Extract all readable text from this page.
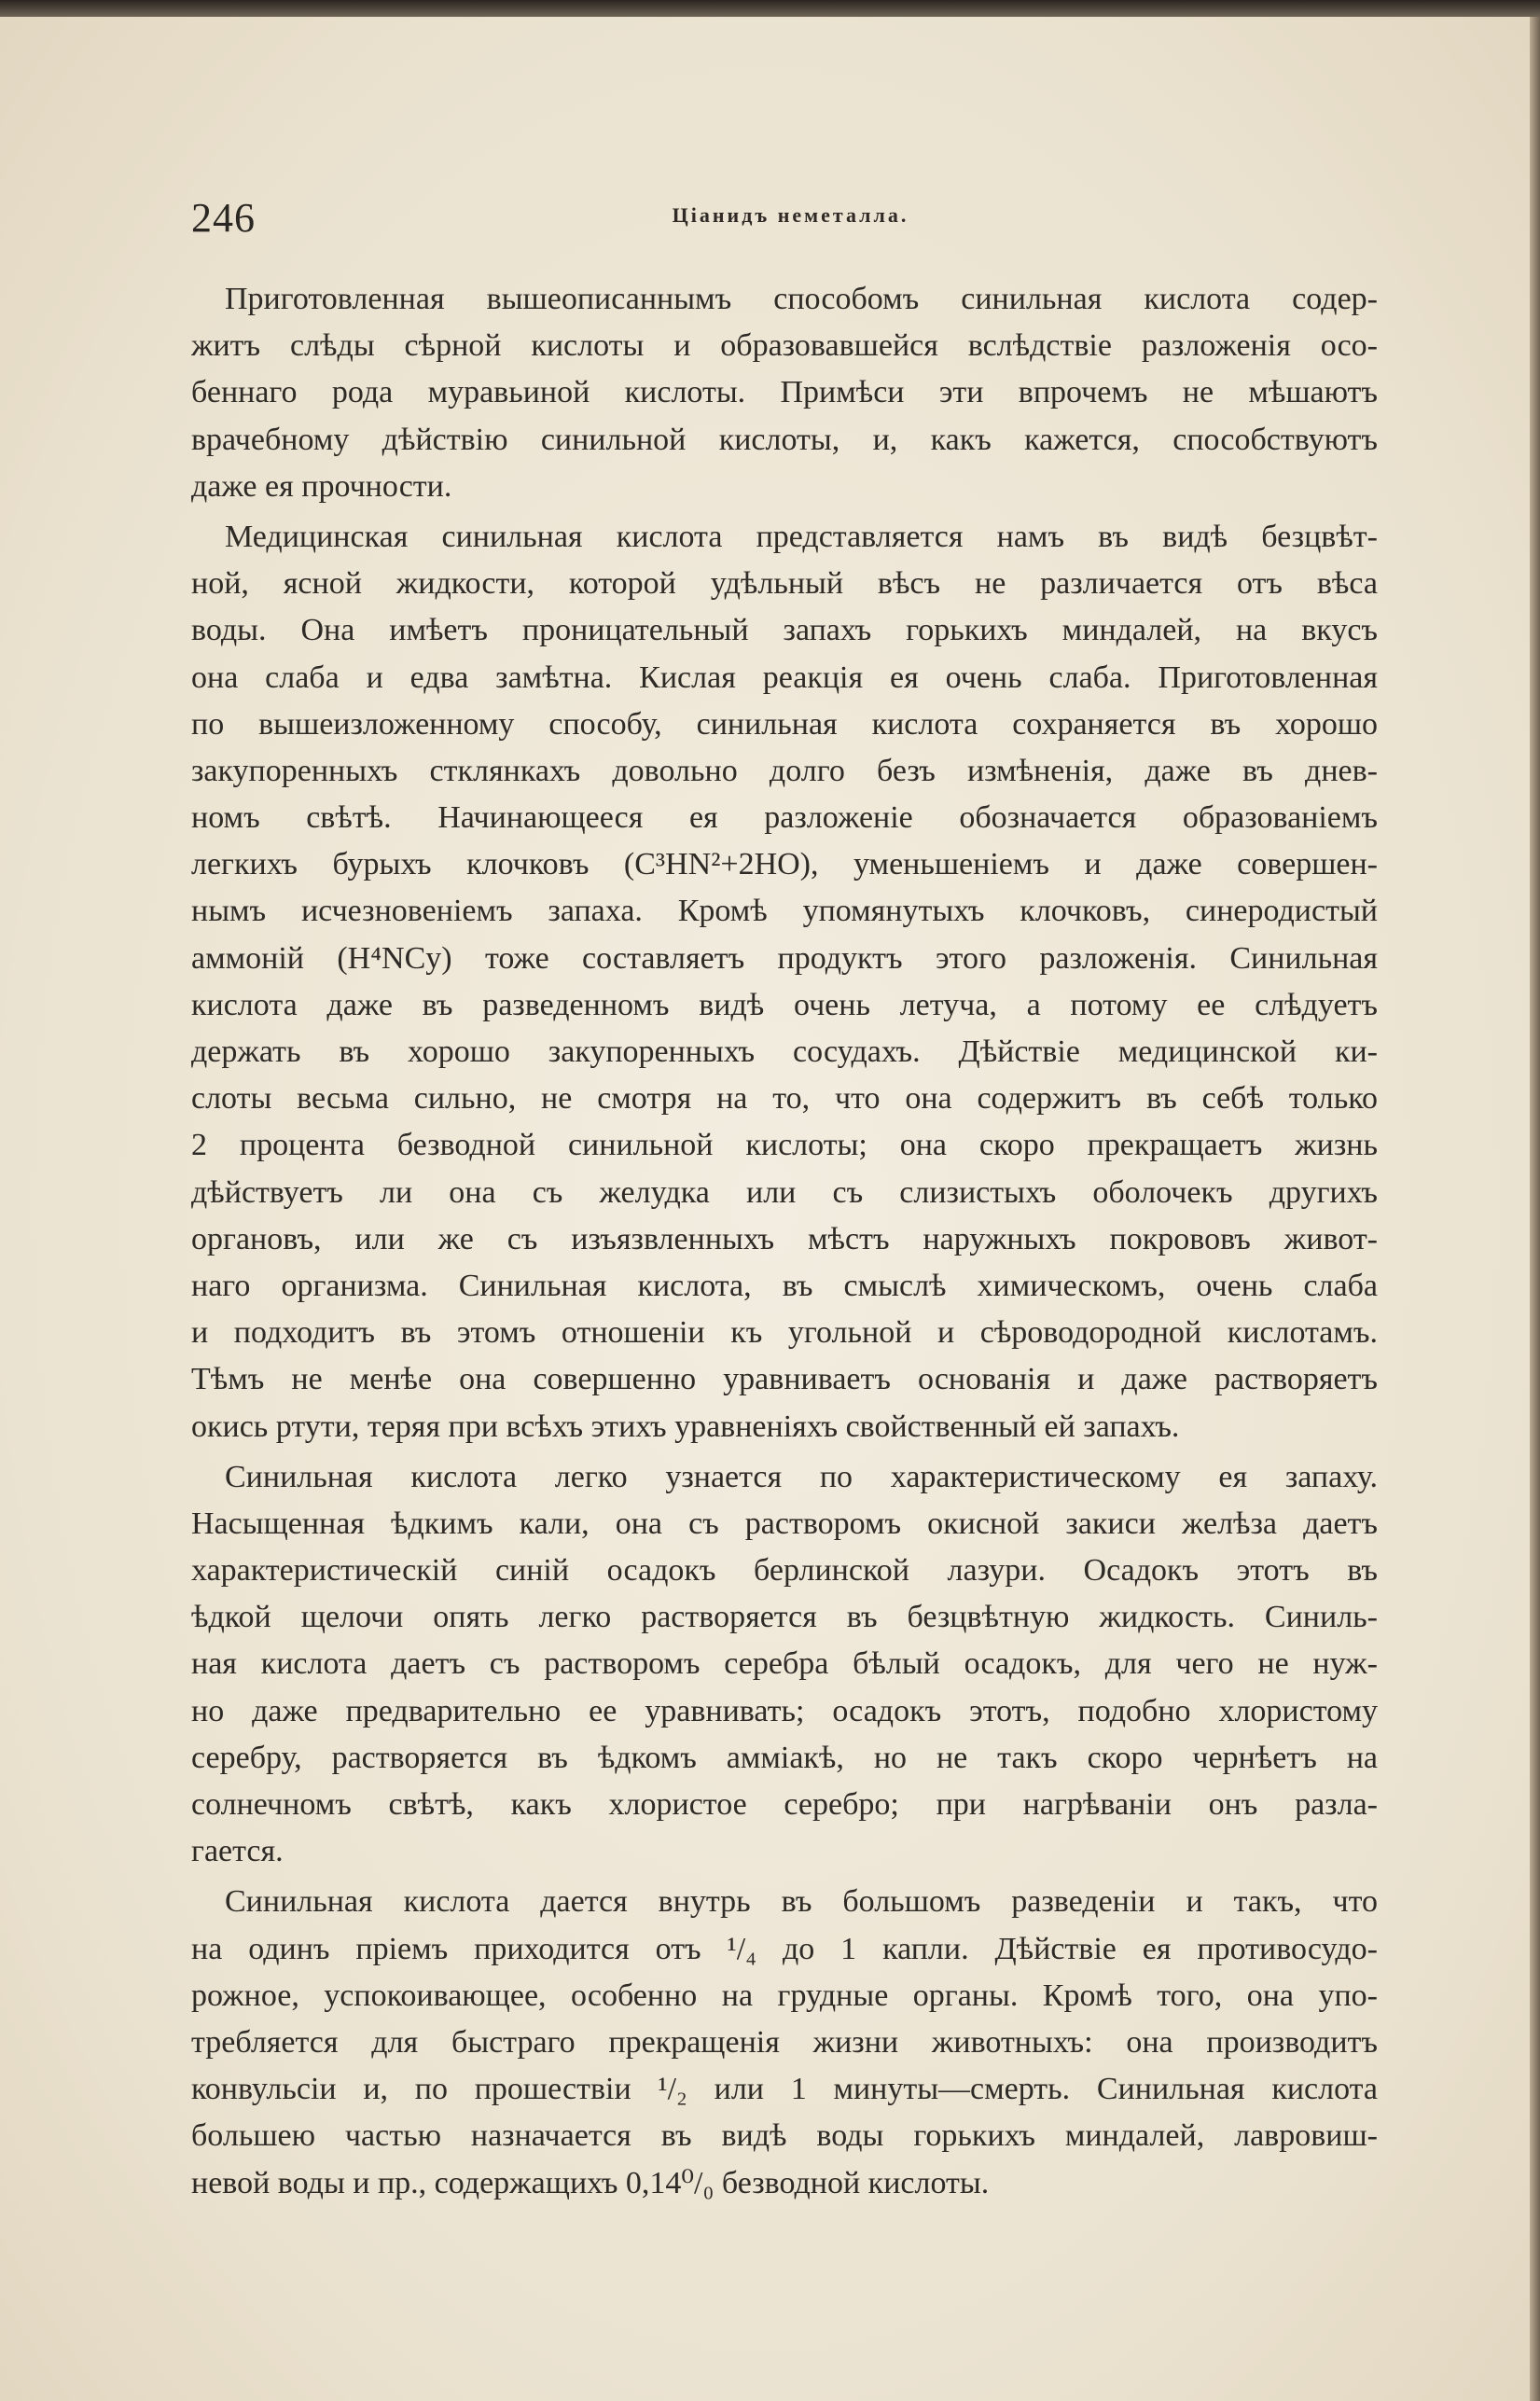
246	Ціанидъ неметалла.
Приготовленная вышеописаннымъ способомъ синильная кислота содер-
житъ слѣды сѣрной кислоты и образовавшейся вслѣдствіе разложенія осо-
беннаго рода муравьиной кислоты. Примѣси эти впрочемъ не мѣшаютъ
врачебному дѣйствію синильной кислоты, и, какъ кажется, способствуютъ
даже ея прочности.
Медицинская синильная кислота представляется намъ въ видѣ безцвѣт-
ной, ясной жидкости, которой удѣльный вѣсъ не различается отъ вѣса
воды. Она имѣетъ проницательный запахъ горькихъ миндалей, на вкусъ
она слаба и едва замѣтна. Кислая реакція ея очень слаба. Приготовленная
по вышеизложенному способу, синильная кислота сохраняется въ хорошо
закупоренныхъ стклянкахъ довольно долго безъ измѣненія, даже въ днев-
номъ свѣтѣ. Начинающееся ея разложеніе обозначается образованіемъ
легкихъ бурыхъ клочковъ (C³HN²+2HO), уменьшеніемъ и даже совершен-
нымъ исчезновеніемъ запаха. Кромѣ упомянутыхъ клочковъ, синеродистый
аммоній (H⁴NCy) тоже составляетъ продуктъ этого разложенія. Синильная
кислота даже въ разведенномъ видѣ очень летуча, а потому ее слѣдуетъ
держать въ хорошо закупоренныхъ сосудахъ. Дѣйствіе медицинской ки-
слоты весьма сильно, не смотря на то, что она содержитъ въ себѣ только
2 процента безводной синильной кислоты; она скоро прекращаетъ жизнь
дѣйствуетъ ли она съ желудка или съ слизистыхъ оболочекъ другихъ
органовъ, или же съ изъязвленныхъ мѣстъ наружныхъ покрововъ живот-
наго организма. Синильная кислота, въ смыслѣ химическомъ, очень слаба
и подходитъ въ этомъ отношеніи къ угольной и сѣроводородной кислотамъ.
Тѣмъ не менѣе она совершенно уравниваетъ основанія и даже растворяетъ
окись ртути, теряя при всѣхъ этихъ уравненіяхъ свойственный ей запахъ.
Синильная кислота легко узнается по характеристическому ея запаху.
Насыщенная ѣдкимъ кали, она съ растворомъ окисной закиси желѣза даетъ
характеристическій синій осадокъ берлинской лазури. Осадокъ этотъ въ
ѣдкой щелочи опять легко растворяется въ безцвѣтную жидкость. Синиль-
ная кислота даетъ съ растворомъ серебра бѣлый осадокъ, для чего не нуж-
но даже предварительно ее уравнивать; осадокъ этотъ, подобно хлористому
серебру, растворяется въ ѣдкомъ аммiакѣ, но не такъ скоро чернѣетъ на
солнечномъ свѣтѣ, какъ хлористое серебро; при нагрѣваніи онъ разла-
гается.
Синильная кислота дается внутрь въ большомъ разведеніи и такъ, что
на одинъ пріемъ приходится отъ ¹/₄ до 1 капли. Дѣйствіе ея противосудо-
рожное, успокоивающее, особенно на грудные органы. Кромѣ того, она упо-
требляется для быстраго прекращенія жизни животныхъ: она производитъ
конвульсіи и, по прошествіи ¹/₂ или 1 минуты—смерть. Синильная кислота
большею частью назначается въ видѣ воды горькихъ миндалей, лавровиш-
невой воды и пр., содержащихъ 0,14⁰/₀ безводной кислоты.
